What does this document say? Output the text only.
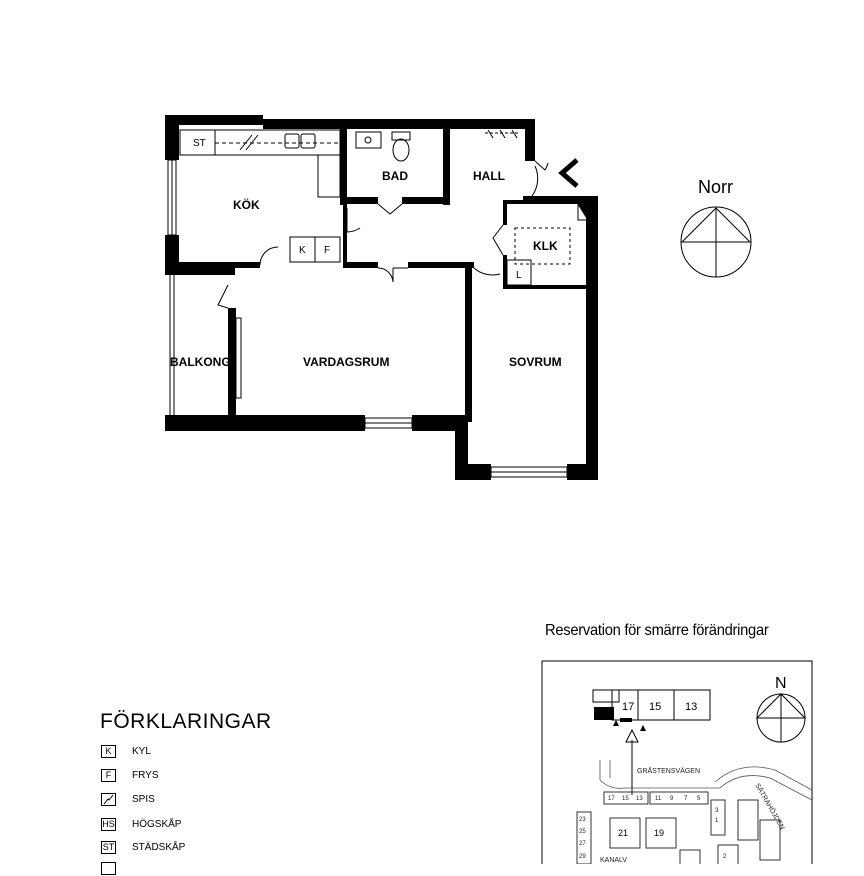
KÖK
BAD	HALL
KLK
BALKONG	VARDAGSRUM	SOVRUM
ST
K F
L
N
17 15 13
GRÅSTENSVÄGEN
SÄTRAHÖJDEN
KANALV
17 15 13 11 9 7 5
23
25
27
29
21	19
3
1
2
Norr
Reservation för smärre förändringar
FÖRKLARINGAR
K	KYL
F	FRYS
SPIS
HS HÖGSKÅP
ST STÄDSKÅP
